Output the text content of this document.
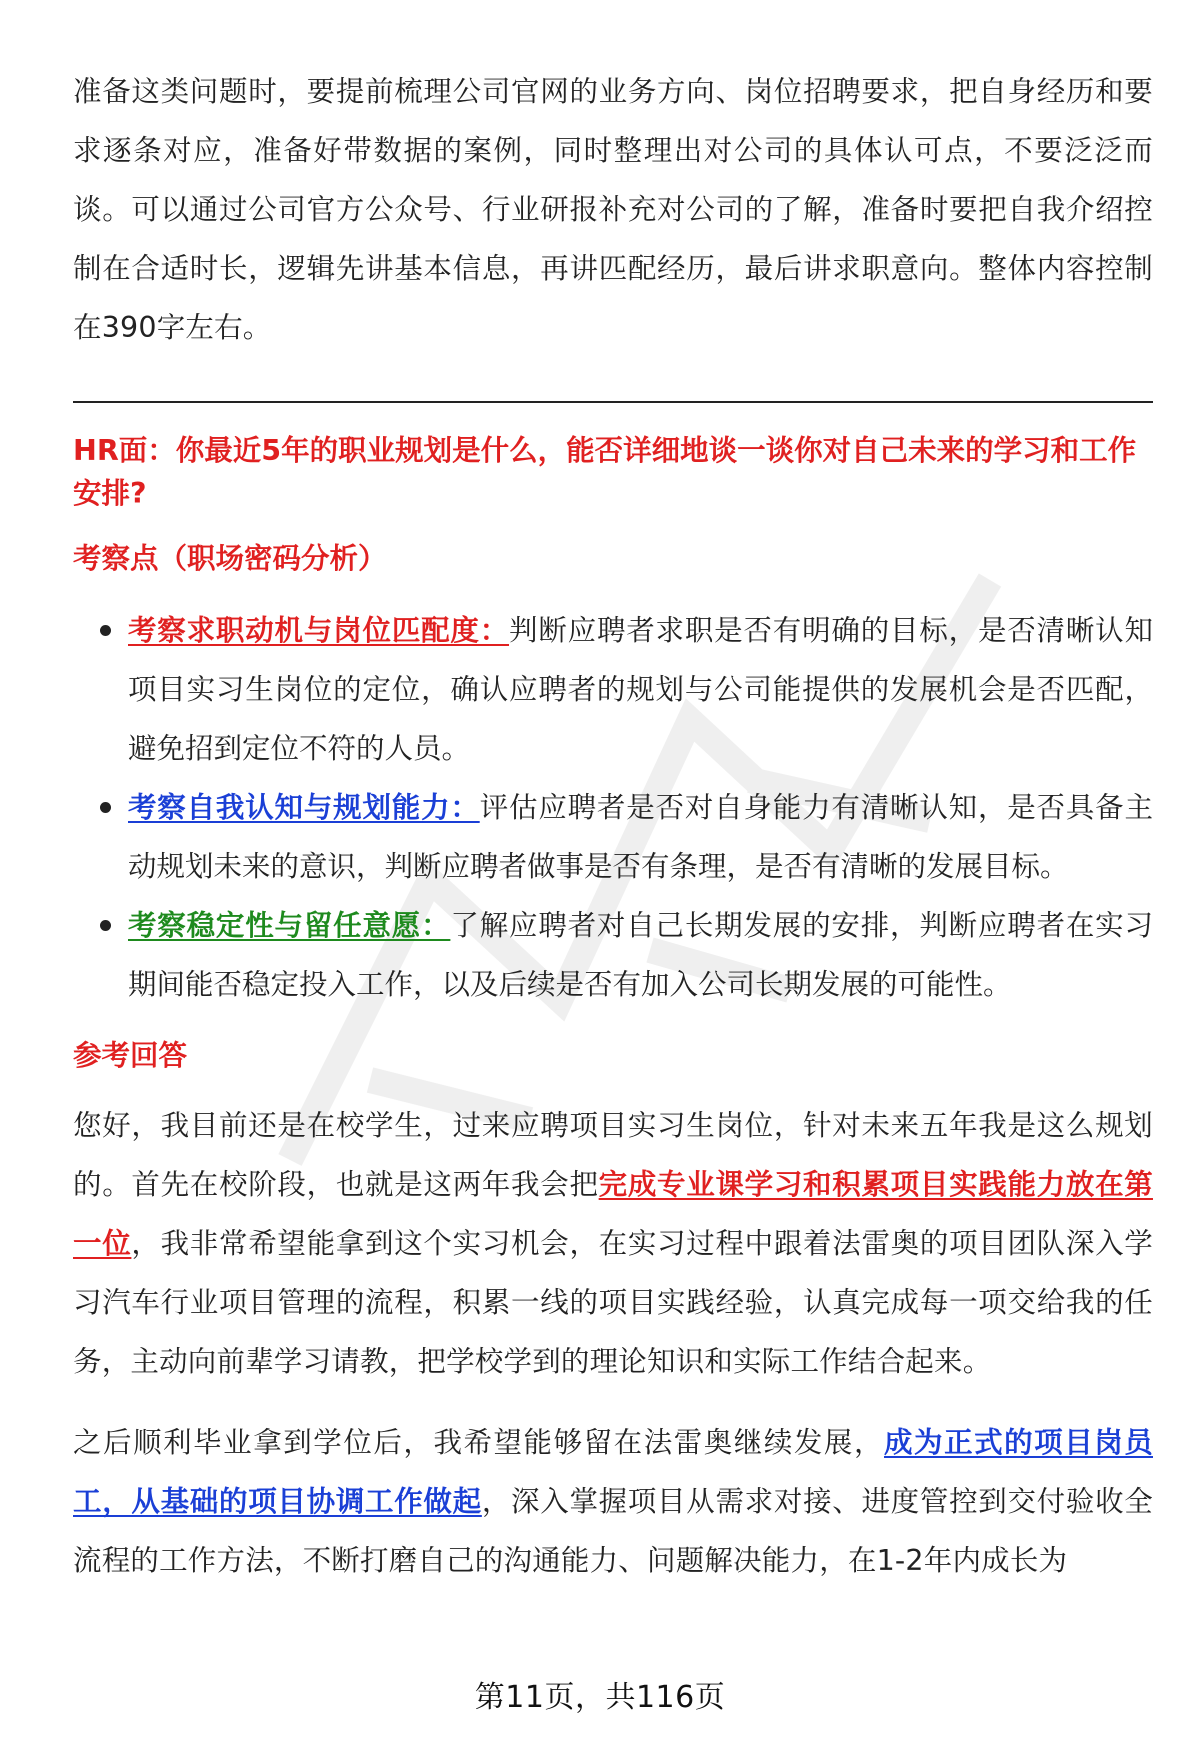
准备这类问题时，要提前梳理公司官网的业务方向、岗位招聘要求，把自身经历和要求逐条对应，准备好带数据的案例，同时整理出对公司的具体认可点，不要泛泛而谈。可以通过公司官方公众号、行业研报补充对公司的了解，准备时要把自我介绍控制在合适时长，逻辑先讲基本信息，再讲匹配经历，最后讲求职意向。整体内容控制在390字左右。

HR面：你最近5年的职业规划是什么，能否详细地谈一谈你对自己未来的学习和工作安排?

考察点（职场密码分析）
考察求职动机与岗位匹配度：判断应聘者求职是否有明确的目标，是否清晰认知项目实习生岗位的定位，确认应聘者的规划与公司能提供的发展机会是否匹配，避免招到定位不符的人员。
考察自我认知与规划能力：评估应聘者是否对自身能力有清晰认知，是否具备主动规划未来的意识，判断应聘者做事是否有条理，是否有清晰的发展目标。
考察稳定性与留任意愿：了解应聘者对自己长期发展的安排，判断应聘者在实习期间能否稳定投入工作，以及后续是否有加入公司长期发展的可能性。
参考回答

您好，我目前还是在校学生，过来应聘项目实习生岗位，针对未来五年我是这么规划的。首先在校阶段，也就是这两年我会把完成专业课学习和积累项目实践能力放在第一位，我非常希望能拿到这个实习机会，在实习过程中跟着法雷奥的项目团队深入学习汽车行业项目管理的流程，积累一线的项目实践经验，认真完成每一项交给我的任务，主动向前辈学习请教，把学校学到的理论知识和实际工作结合起来。

之后顺利毕业拿到学位后，我希望能够留在法雷奥继续发展，成为正式的项目岗员工，从基础的项目协调工作做起，深入掌握项目从需求对接、进度管控到交付验收全流程的工作方法，不断打磨自己的沟通能力、问题解决能力，在1-2年内成长为

第11页，共116页
